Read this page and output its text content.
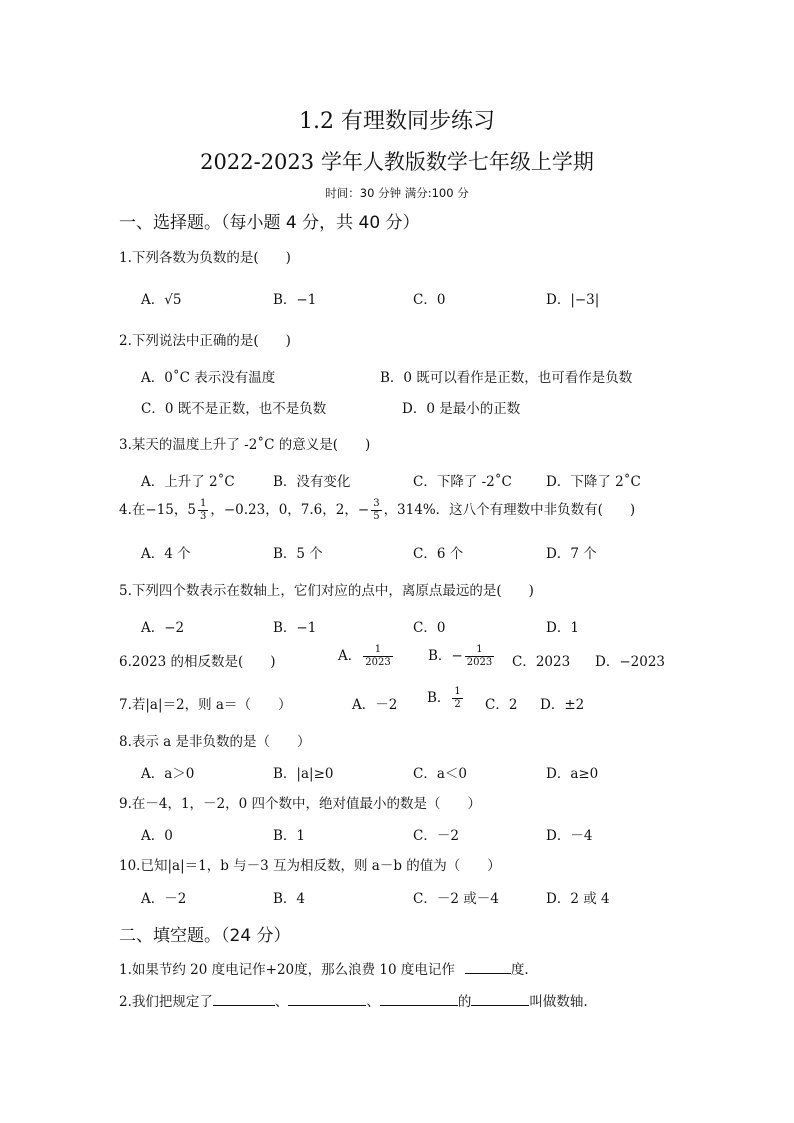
1.2 有理数同步练习
2022-2023 学年人教版数学七年级上学期
时间：30 分钟 满分:100 分
一、选择题。（每小题 4 分，共 40 分）
1.下列各数为负数的是(　　)
A．√5	B．−1	C．0	D．|−3|
2.下列说法中正确的是(　　)
A．0˚C 表示没有温度	B．0 既可以看作是正数，也可看作是负数
C．0 既不是正数，也不是负数	D．0 是最小的正数
3.某天的温度上升了 -2˚C 的意义是(　　)
A．上升了 2˚C	B．没有变化	C．下降了 -2˚C	D．下降了 2˚C
4.在−15，$5 \frac{1}{3}$ ，−0.23，0，7.6，2，− $\frac{3}{5}$ ，314%．这八个有理数中非负数有(　　)
A．4 个	B．5 个	C．6 个	D．7 个
5.下列四个数表示在数轴上，它们对应的点中，离原点最远的是(　　)
A．−2	B．−1	C．0	D．1
6.2023 的相反数是(　　)	A． $\frac{1}{2023}$	B．− $\frac{1}{2023}$ C．2023 D．−2023
7.若|a|＝2，则 a＝（　　）	A．－2 B． $\frac{1}{2}$ C．2 D．±2
8.表示 a 是非负数的是（　　）
A．a＞0	B．|a|≥0	C．a＜0	D．a≥0
9.在－4，1，－2，0 四个数中，绝对值最小的数是（　　）
A．0	B．1	C．－2	D．－4
10.已知|a|＝1，b 与－3 互为相反数，则 a－b 的值为（　　）
A．－2	B．4	C．－2 或－4	D．2 或 4
二、填空题。（24 分）
1.如果节约 20 度电记作+20度，那么浪费 10 度电记作	度.
2.我们把规定了	、	、	的	叫做数轴.
